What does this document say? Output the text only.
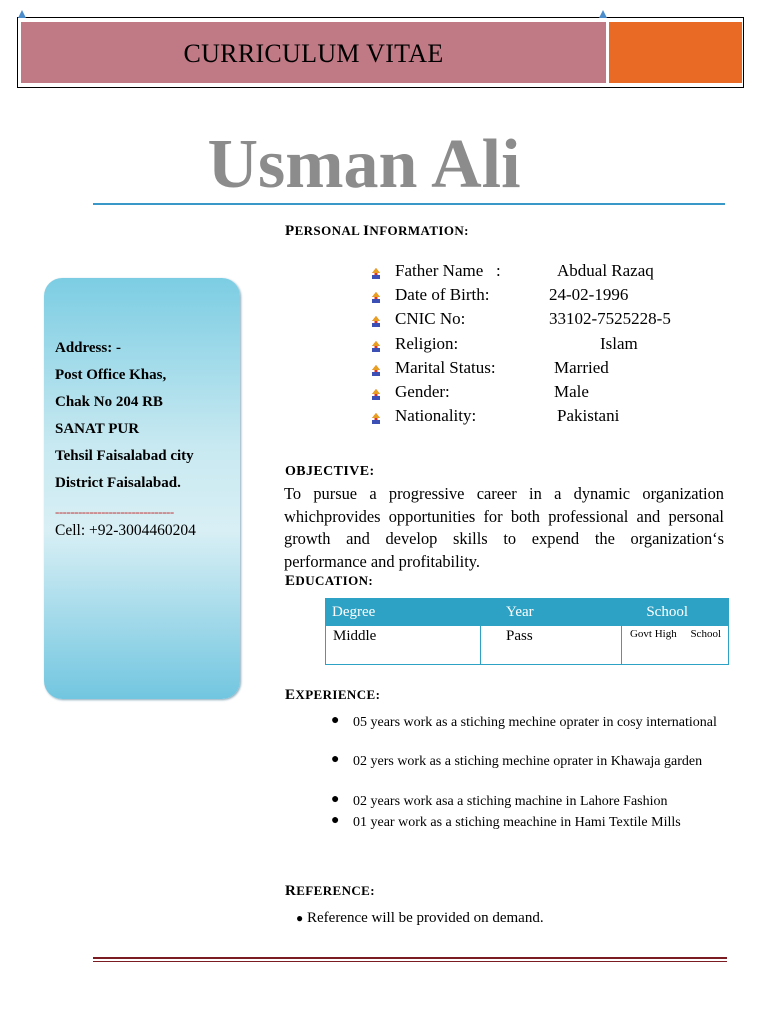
CURRICULUM VITAE
Usman Ali
PERSONAL INFORMATION:
Father Name   :	Abdual Razaq
Date of Birth:	24-02-1996
CNIC No:	33102-7525228-5
Religion:	Islam
Marital Status:	Married
Gender:	Male
Nationality:	Pakistani
Address: -
Post Office Khas,
Chak No 204 RB
SANAT PUR
Tehsil Faisalabad city
District Faisalabad.
-------------------------------
Cell: +92-3004460204
OBJECTIVE:
To pursue a progressive career in a dynamic organization whichprovides opportunities for both professional and personal growth and develop skills to expend the organization‘s performance and profitability.
EDUCATION:
Degree	Year	School
Middle	Pass	Govt High     School
EXPERIENCE:
● 05 years work as a stiching mechine oprater in cosy international
● 02 yers work as a stiching mechine oprater in Khawaja garden
● 02 years work asa a stiching machine in Lahore Fashion
● 01 year work as a stiching meachine in Hami Textile Mills
REFERENCE:
● Reference will be provided on demand.
